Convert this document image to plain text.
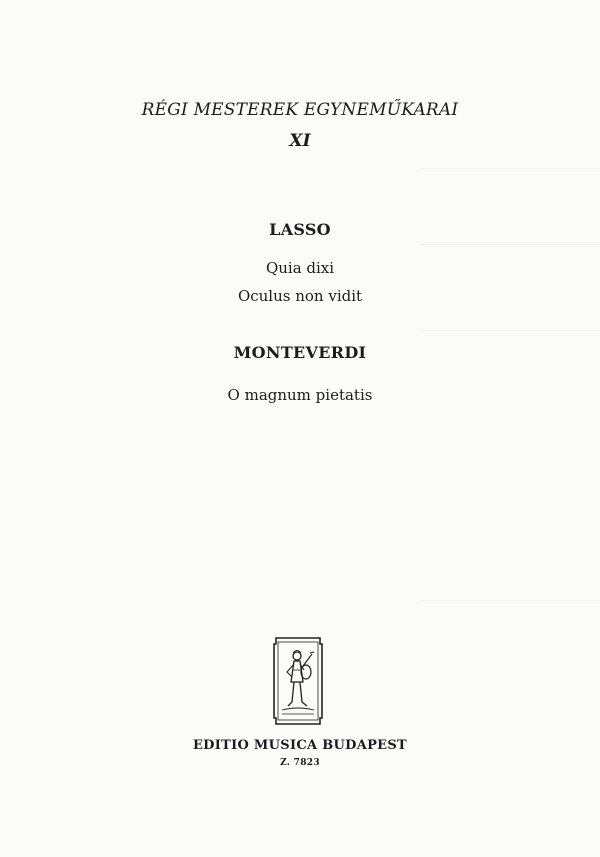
RÉGI MESTEREK EGYNEMŰKARAI
XI
LASSO
Quia dixi
Oculus non vidit
MONTEVERDI
O magnum pietatis
EDITIO MUSICA BUDAPEST
Z. 7823
